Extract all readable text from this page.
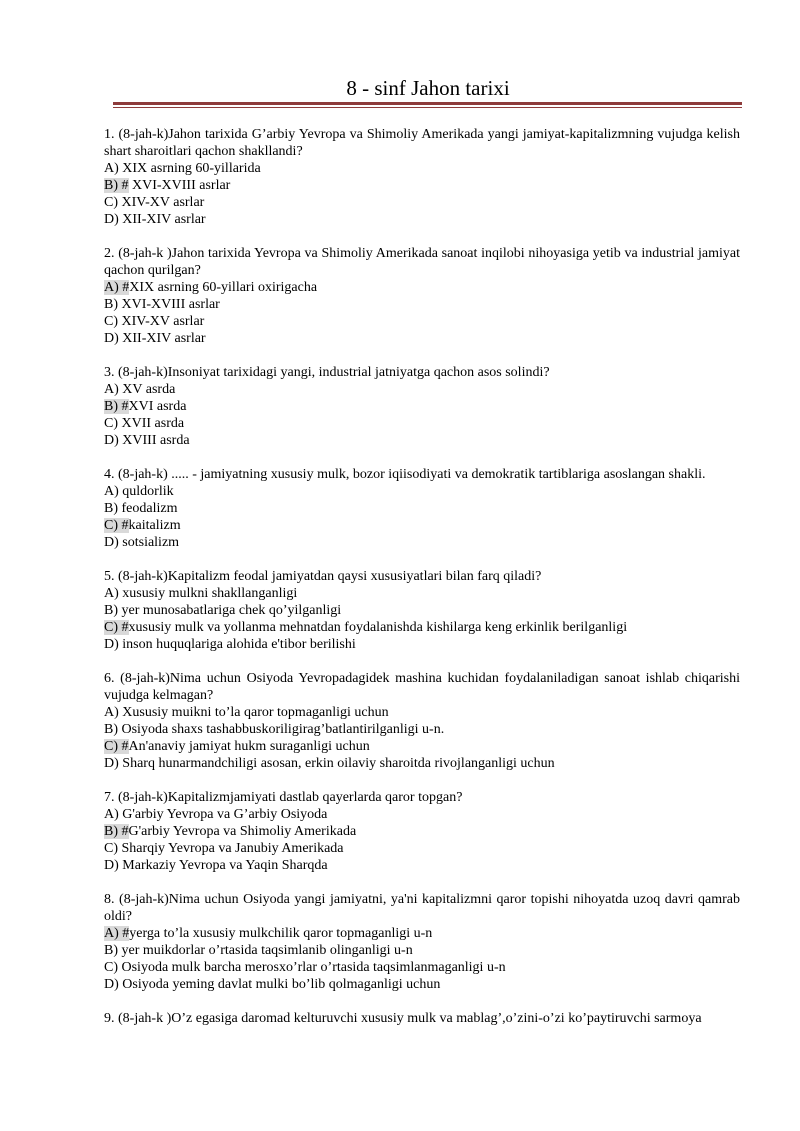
8 - sinf Jahon tarixi
1. (8-jah-k)Jahon tarixida G’arbiy Yevropa va Shimoliy Amerikada yangi jamiyat-kapitalizmning vujudga kelish shart sharoitlari qachon shakllandi?
A) XIX asrning 60-yillarida
B) # XVI-XVIII asrlar
C) XIV-XV asrlar
D) XII-XIV asrlar
2. (8-jah-k )Jahon tarixida Yevropa va Shimoliy Amerikada sanoat inqilobi nihoyasiga yetib va industrial jamiyat qachon qurilgan?
A) #XIX asrning 60-yillari oxirigacha
B) XVI-XVIII asrlar
C) XIV-XV asrlar
D) XII-XIV asrlar
3. (8-jah-k)Insoniyat tarixidagi yangi, industrial jatniyatga qachon asos solindi?
A) XV asrda
B) #XVI asrda
C) XVII asrda
D) XVIII asrda
4. (8-jah-k) ..... - jamiyatning xususiy mulk, bozor iqiisodiyati va demokratik tartiblariga asoslangan shakli.
A) quldorlik
B) feodalizm
C) #kaitalizm
D) sotsializm
5. (8-jah-k)Kapitalizm feodal jamiyatdan qaysi xususiyatlari bilan farq qiladi?
A) xususiy mulkni shakllanganligi
B) yer munosabatlariga chek qo’yilganligi
C) #xususiy mulk va yollanma mehnatdan foydalanishda kishilarga keng erkinlik berilganligi
D) inson huquqlariga alohida e'tibor berilishi
6. (8-jah-k)Nima uchun Osiyoda Yevropadagidek mashina kuchidan foydalaniladigan sanoat ishlab chiqarishi vujudga kelmagan?
A) Xususiy muikni to’la qaror topmaganligi uchun
B) Osiyoda shaxs tashabbuskoriligirag’batlantirilganligi u-n.
C) #An'anaviy jamiyat hukm suraganligi uchun
D) Sharq hunarmandchiligi asosan, erkin oilaviy sharoitda rivojlanganligi uchun
7. (8-jah-k)Kapitalizmjamiyati dastlab qayerlarda qaror topgan?
A) G'arbiy Yevropa va G’arbiy Osiyoda
B) #G'arbiy Yevropa va Shimoliy Amerikada
C) Sharqiy Yevropa va Janubiy Amerikada
D) Markaziy Yevropa va Yaqin Sharqda
8. (8-jah-k)Nima uchun Osiyoda yangi jamiyatni, ya'ni kapitalizmni qaror topishi nihoyatda uzoq davri qamrab oldi?
A) #yerga to’la xususiy mulkchilik qaror topmaganligi u-n
B) yer muikdorlar o’rtasida taqsimlanib olinganligi u-n
C) Osiyoda mulk barcha merosxo’rlar o’rtasida taqsimlanmaganligi u-n
D) Osiyoda yeming davlat mulki bo’lib qolmaganligi uchun
9. (8-jah-k )O’z egasiga daromad kelturuvchi xususiy mulk va mablag’,o’zini-o’zi ko’paytiruvchi sarmoya
